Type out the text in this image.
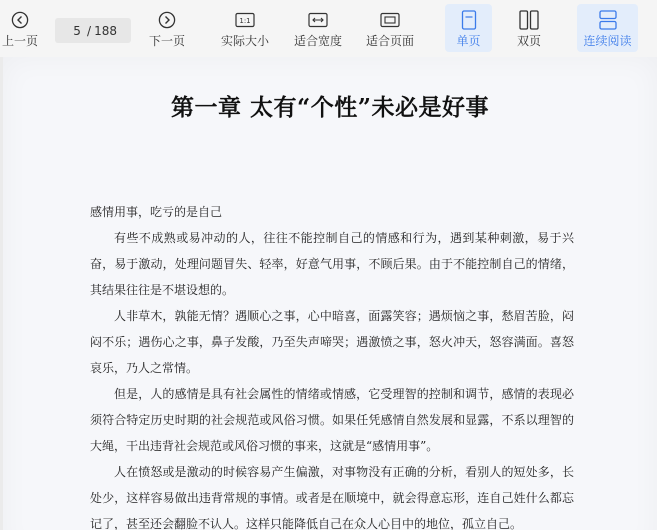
上一页
5
/ 188
下一页
1:1
实际大小 适合宽度 适合页面	单页	双页	连续阅读
第一章 太有“个性”未必是好事

感情用事，吃亏的是自己

有些不成熟或易冲动的人，往往不能控制自己的情感和行为，遇到某种刺激，易于兴奋，易于激动，处理问题冒失、轻率，好意气用事，不顾后果。由于不能控制自己的情绪，其结果往往是不堪设想的。

人非草木，孰能无情？遇顺心之事，心中暗喜，面露笑容；遇烦恼之事，愁眉苦脸，闷闷不乐；遇伤心之事，鼻子发酸，乃至失声啼哭；遇激愤之事，怒火冲天，怒容满面。喜怒哀乐，乃人之常情。

但是，人的感情是具有社会属性的情绪或情感，它受理智的控制和调节，感情的表现必须符合特定历史时期的社会规范或风俗习惯。如果任凭感情自然发展和显露，不系以理智的大绳，干出违背社会规范或风俗习惯的事来，这就是“感情用事”。

人在愤怒或是激动的时候容易产生偏激，对事物没有正确的分析，看别人的短处多，长处少，这样容易做出违背常规的事情。或者是在顺境中，就会得意忘形，连自己姓什么都忘记了，甚至还会翻脸不认人。这样只能降低自己在众人心目中的地位，孤立自己。
